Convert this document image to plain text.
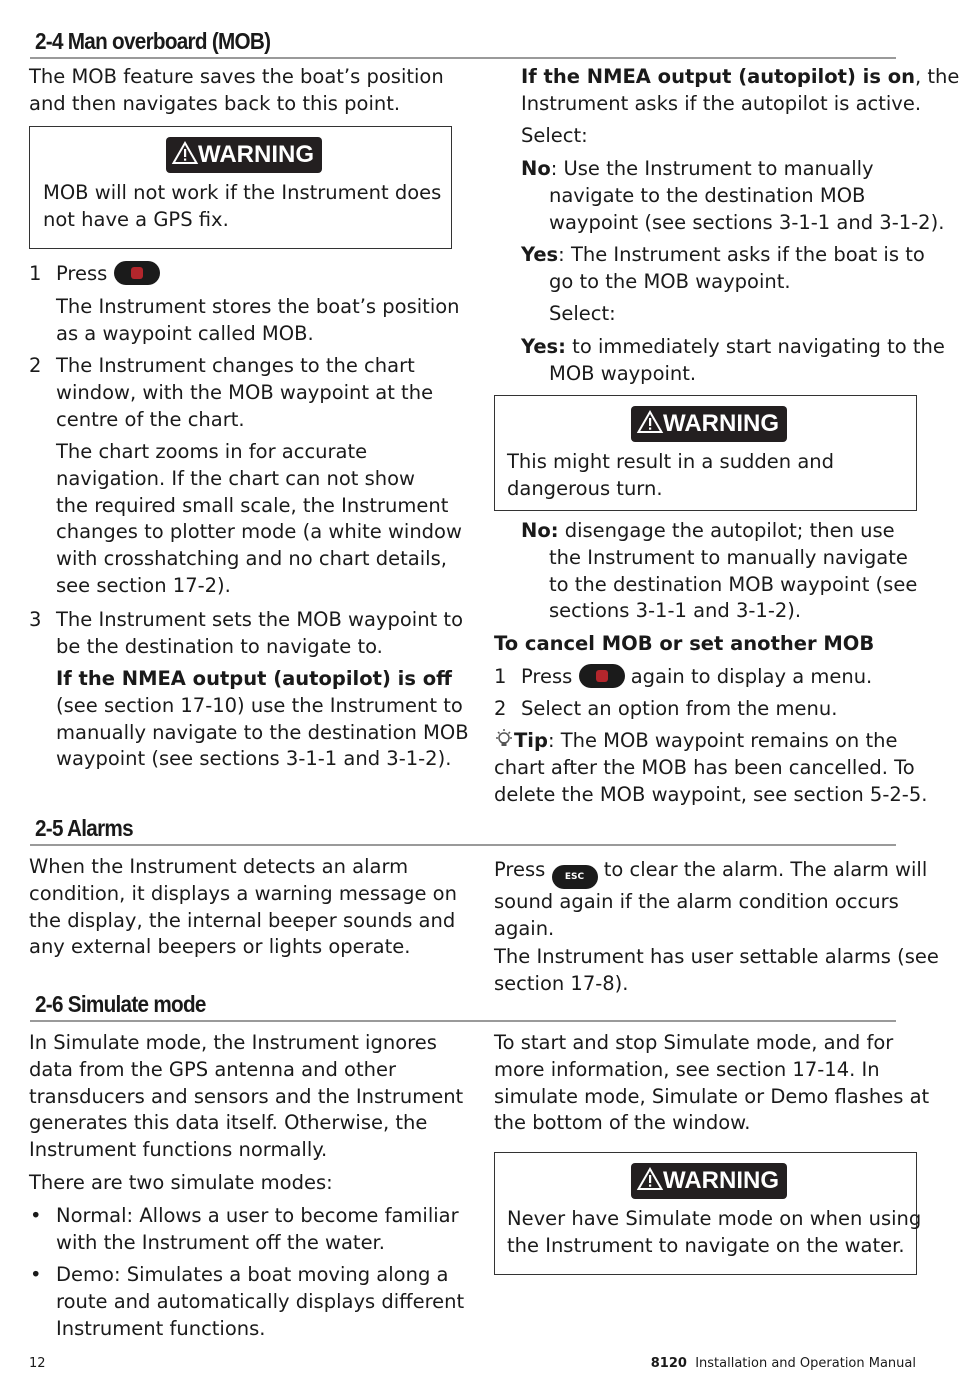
2-4 Man overboard (MOB)
The MOB feature saves the boat’s position
and then navigates back to this point.
WARNING
MOB will not work if the Instrument does
not have a GPS fix.
1 Press
The Instrument stores the boat’s position
as a waypoint called MOB.
2 The Instrument changes to the chart
window, with the MOB waypoint at the
centre of the chart.
The chart zooms in for accurate
navigation. If the chart can not show
the required small scale, the Instrument
changes to plotter mode (a white window
with crosshatching and no chart details,
see section 17-2).
3 The Instrument sets the MOB waypoint to
be the destination to navigate to.
If the NMEA output (autopilot) is off
(see section 17-10) use the Instrument to
manually navigate to the destination MOB
waypoint (see sections 3-1-1 and 3-1-2).
If the NMEA output (autopilot) is on, the
Instrument asks if the autopilot is active.
Select:
No: Use the Instrument to manually
navigate to the destination MOB
waypoint (see sections 3-1-1 and 3-1-2).
Yes: The Instrument asks if the boat is to
go to the MOB waypoint.
Select:
Yes: to immediately start navigating to the
MOB waypoint.
WARNING
This might result in a sudden and
dangerous turn.
No: disengage the autopilot; then use
the Instrument to manually navigate
to the destination MOB waypoint (see
sections 3-1-1 and 3-1-2).
To cancel MOB or set another MOB
1 Press	again to display a menu.
2 Select an option from the menu.
Tip: The MOB waypoint remains on the
chart after the MOB has been cancelled. To
delete the MOB waypoint, see section 5-2-5.
2-5 Alarms
When the Instrument detects an alarm
condition, it displays a warning message on
the display, the internal beeper sounds and
any external beepers or lights operate.
Press ESC to clear the alarm. The alarm will
sound again if the alarm condition occurs
again.
The Instrument has user settable alarms (see
section 17-8).
2-6 Simulate mode
In Simulate mode, the Instrument ignores
data from the GPS antenna and other
transducers and sensors and the Instrument
generates this data itself. Otherwise, the
Instrument functions normally.
There are two simulate modes:
• Normal: Allows a user to become familiar
with the Instrument off the water.
• Demo: Simulates a boat moving along a
route and automatically displays different
Instrument functions.
To start and stop Simulate mode, and for
more information, see section 17-14. In
simulate mode, Simulate or Demo flashes at
the bottom of the window.
WARNING
Never have Simulate mode on when using
the Instrument to navigate on the water.
12	8120 Installation and Operation Manual
